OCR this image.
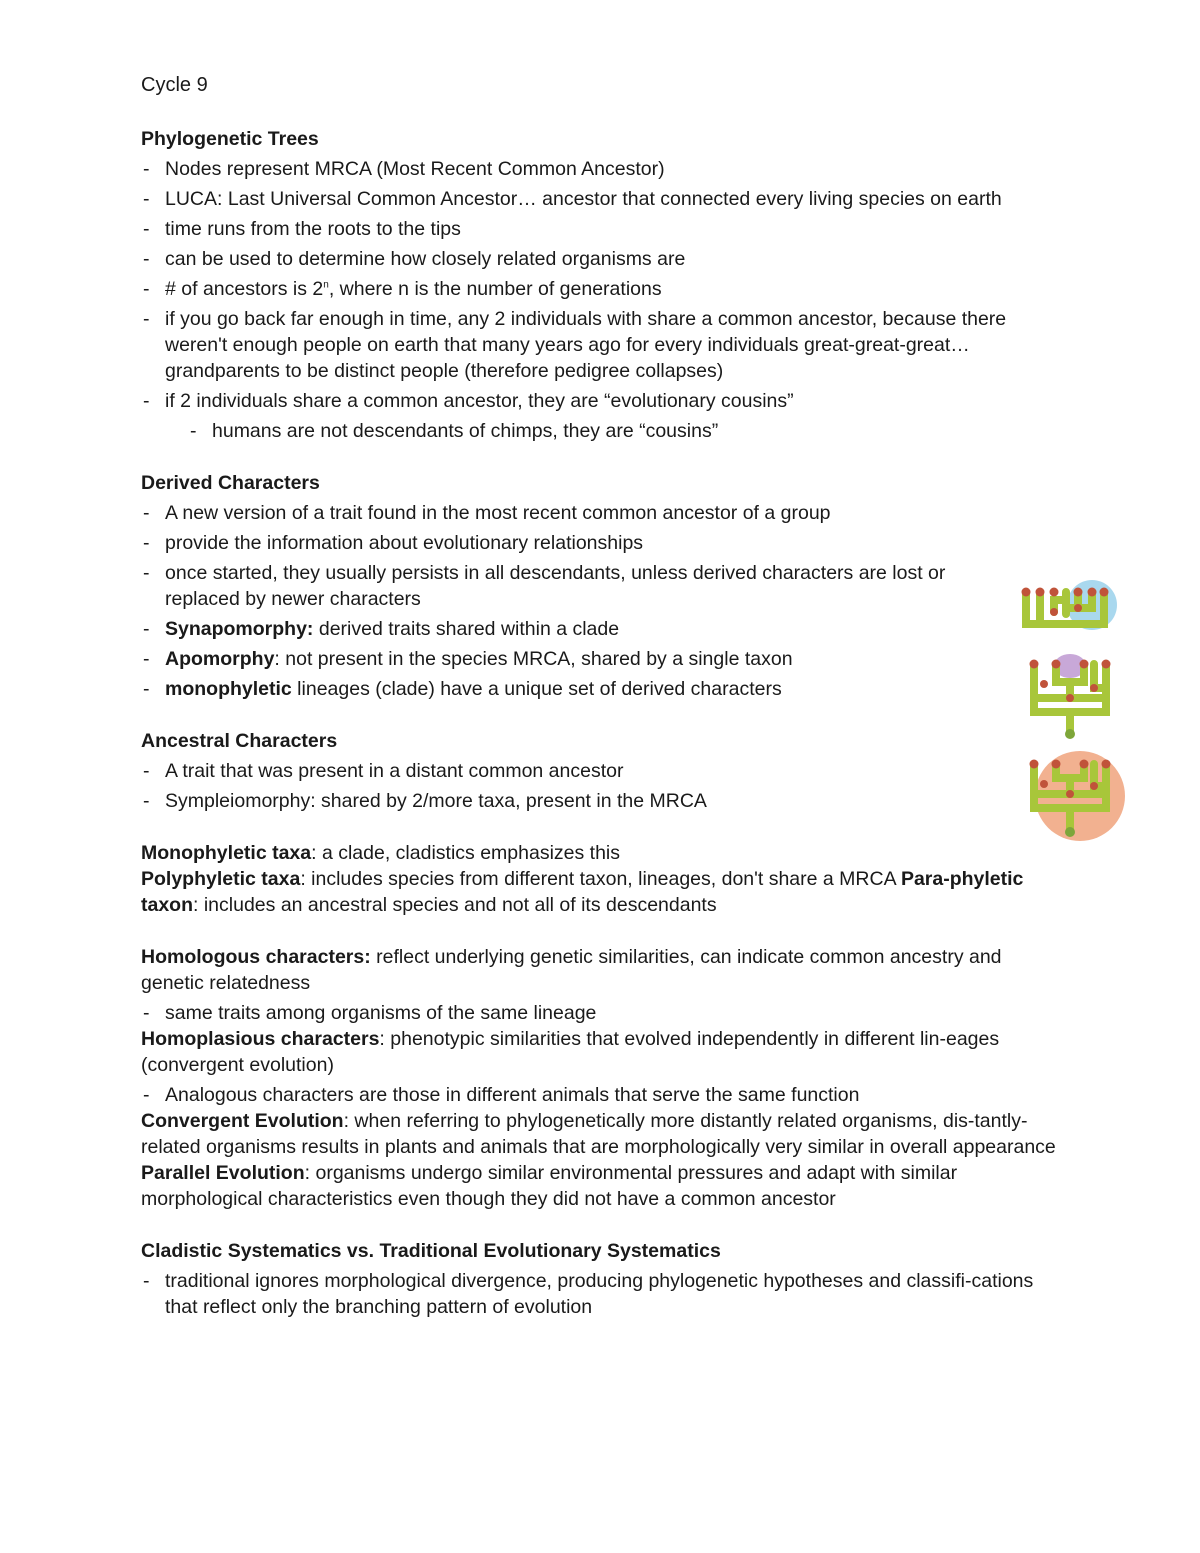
Cycle 9
Phylogenetic Trees
- Nodes represent MRCA (Most Recent Common Ancestor)
- LUCA: Last Universal Common Ancestor… ancestor that connected every living species on earth
- time runs from the roots to the tips
- can be used to determine how closely related organisms are
- # of ancestors is 2$^n$, where n is the number of generations
- if you go back far enough in time, any 2 individuals with share a common ancestor, because there weren't enough people on earth that many years ago for every individuals great-great-great… grandparents to be distinct people (therefore pedigree collapses)
- if 2 individuals share a common ancestor, they are “evolutionary cousins”
- humans are not descendants of chimps, they are “cousins”
Derived Characters
- A new version of a trait found in the most recent common ancestor of a group
- provide the information about evolutionary relationships
- once started, they usually persists in all descendants, unless derived characters are lost or replaced by newer characters
- Synapomorphy: derived traits shared within a clade
- Apomorphy: not present in the species MRCA, shared by a single taxon
- monophyletic lineages (clade) have a unique set of derived characters
Ancestral Characters
- A trait that was present in a distant common ancestor
- Sympleiomorphy: shared by 2/more taxa, present in the MRCA
Monophyletic taxa: a clade, cladistics emphasizes this
Polyphyletic taxa: includes species from different taxon, lineages, don't share a MRCA Para-phyletic taxon: includes an ancestral species and not all of its descendants
Homologous characters: reflect underlying genetic similarities, can indicate common ancestry and genetic relatedness
- same traits among organisms of the same lineage
Homoplasious characters: phenotypic similarities that evolved independently in different lin-eages (convergent evolution)
- Analogous characters are those in different animals that serve the same function
Convergent Evolution: when referring to phylogenetically more distantly related organisms, dis-tantly-related organisms results in plants and animals that are morphologically very similar in overall appearance
Parallel Evolution: organisms undergo similar environmental pressures and adapt with similar morphological characteristics even though they did not have a common ancestor
Cladistic Systematics vs. Traditional Evolutionary Systematics
- traditional ignores morphological divergence, producing phylogenetic hypotheses and classifi-cations that reflect only the branching pattern of evolution
